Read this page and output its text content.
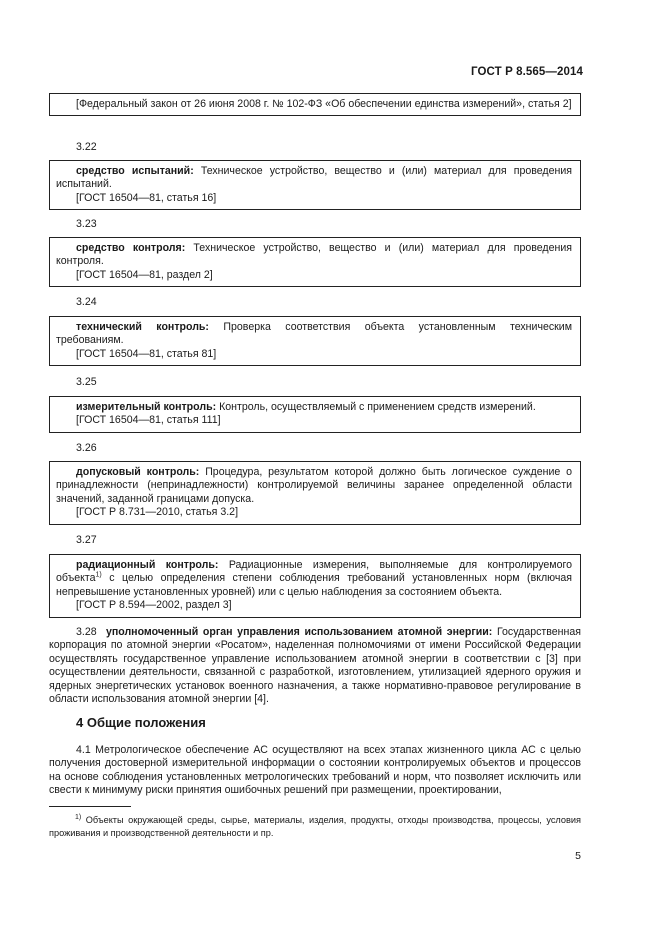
ГОСТ Р 8.565—2014

[Федеральный закон от 26 июня 2008 г. № 102-ФЗ «Об обеспечении единства измерений», статья 2]

3.22

средство испытаний: Техническое устройство, вещество и (или) материал для проведения испытаний.

[ГОСТ 16504—81, статья 16]

3.23

средство контроля: Техническое устройство, вещество и (или) материал для проведения контроля.

[ГОСТ 16504—81, раздел 2]

3.24

технический контроль: Проверка соответствия объекта установленным техническим требованиям.

[ГОСТ 16504—81, статья 81]

3.25

измерительный контроль: Контроль, осуществляемый с применением средств измерений.

[ГОСТ 16504—81, статья 111]

3.26

допусковый контроль: Процедура, результатом которой должно быть логическое суждение о принадлежности (непринадлежности) контролируемой величины заранее определенной области значений, заданной границами допуска.

[ГОСТ Р 8.731—2010, статья 3.2]

3.27

радиационный контроль: Радиационные измерения, выполняемые для контролируемого объекта$^{1)}$ с целью определения степени соблюдения требований установленных норм (включая непревышение установленных уровней) или с целью наблюдения за состоянием объекта.

[ГОСТ Р 8.594—2002, раздел 3]

3.28 уполномоченный орган управления использованием атомной энергии: Государственная корпорация по атомной энергии «Росатом», наделенная полномочиями от имени Российской Федерации осуществлять государственное управление использованием атомной энергии в соответствии с [3] при осуществлении деятельности, связанной с разработкой, изготовлением, утилизацией ядерного оружия и ядерных энергетических установок военного назначения, а также нормативно-правовое регулирование в области использования атомной энергии [4].

4 Общие положения

4.1 Метрологическое обеспечение АС осуществляют на всех этапах жизненного цикла АС с целью получения достоверной измерительной информации о состоянии контролируемых объектов и процессов на основе соблюдения установленных метрологических требований и норм, что позволяет исключить или свести к минимуму риски принятия ошибочных решений при размещении, проектировании,

$^{1)}$ Объекты окружающей среды, сырье, материалы, изделия, продукты, отходы производства, процессы, условия проживания и производственной деятельности и пр.

5
